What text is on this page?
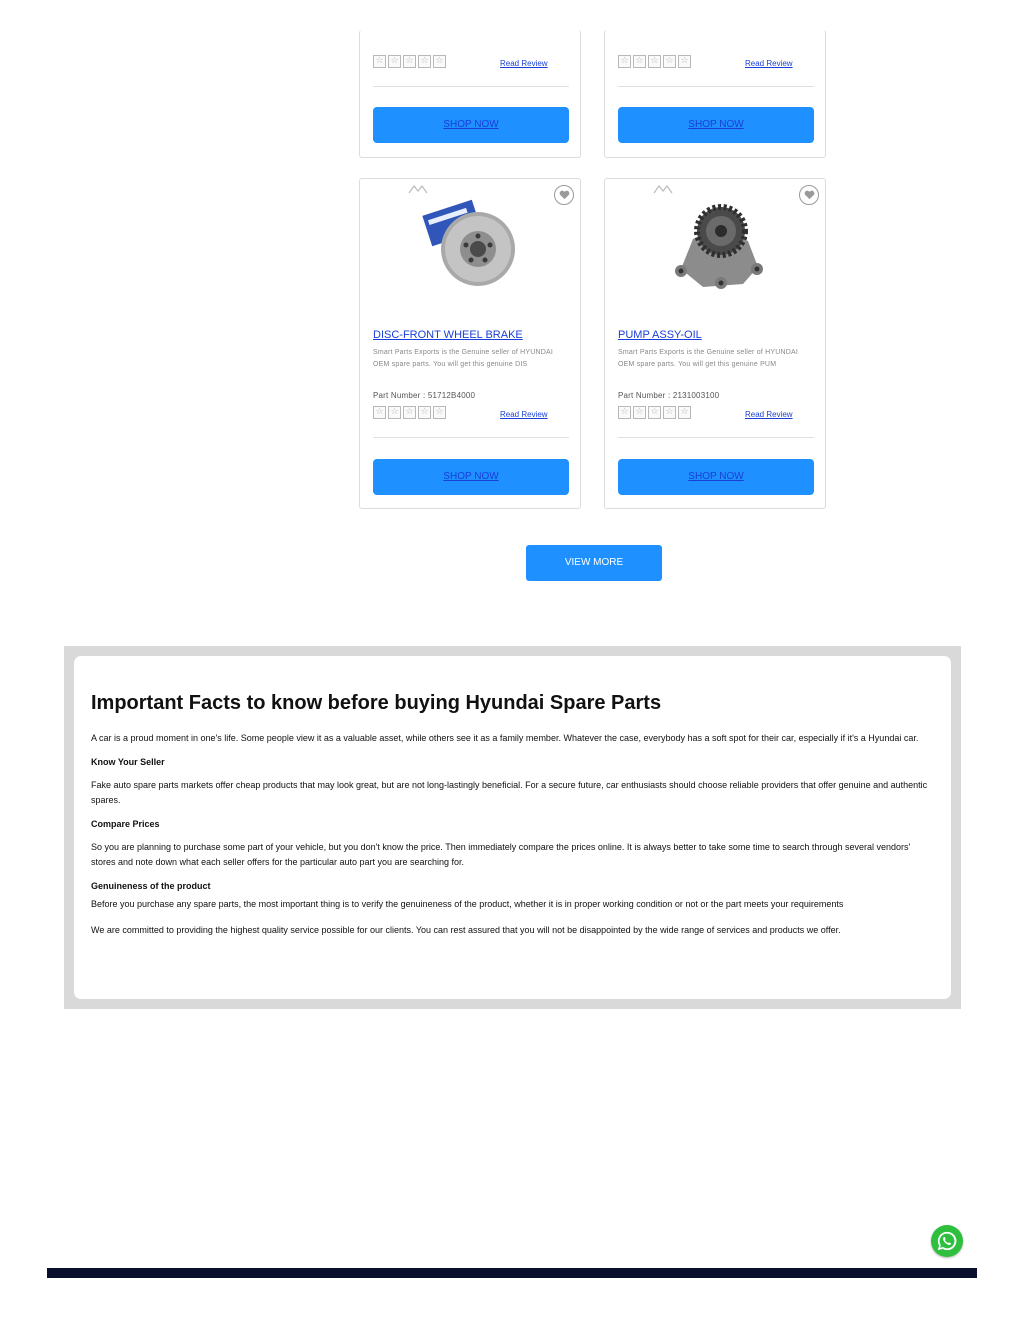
☆ ☆ ☆ ☆ ☆	Read Review
SHOP NOW
☆ ☆ ☆ ☆ ☆	Read Review
SHOP NOW
DISC-FRONT WHEEL BRAKE
Smart Parts Exports is the Genuine seller of HYUNDAI OEM spare parts. You will get this genuine DIS
Part Number : 51712B4000
☆ ☆ ☆ ☆ ☆	Read Review
SHOP NOW
PUMP ASSY-OIL
Smart Parts Exports is the Genuine seller of HYUNDAI OEM spare parts. You will get this genuine PUM
Part Number : 2131003100
☆ ☆ ☆ ☆ ☆	Read Review
SHOP NOW
VIEW MORE
Important Facts to know before buying Hyundai Spare Parts

A car is a proud moment in one's life. Some people view it as a valuable asset, while others see it as a family member. Whatever the case, everybody has a soft spot for their car, especially if it's a Hyundai car.

Know Your Seller

Fake auto spare parts markets offer cheap products that may look great, but are not long-lastingly beneficial. For a secure future, car enthusiasts should choose reliable providers that offer genuine and authentic spares.

Compare Prices

So you are planning to purchase some part of your vehicle, but you don't know the price. Then immediately compare the prices online. It is always better to take some time to search through several vendors' stores and note down what each seller offers for the particular auto part you are searching for.

Genuineness of the product

Before you purchase any spare parts, the most important thing is to verify the genuineness of the product, whether it is in proper working condition or not or the part meets your requirements

We are committed to providing the highest quality service possible for our clients. You can rest assured that you will not be disappointed by the wide range of services and products we offer.
